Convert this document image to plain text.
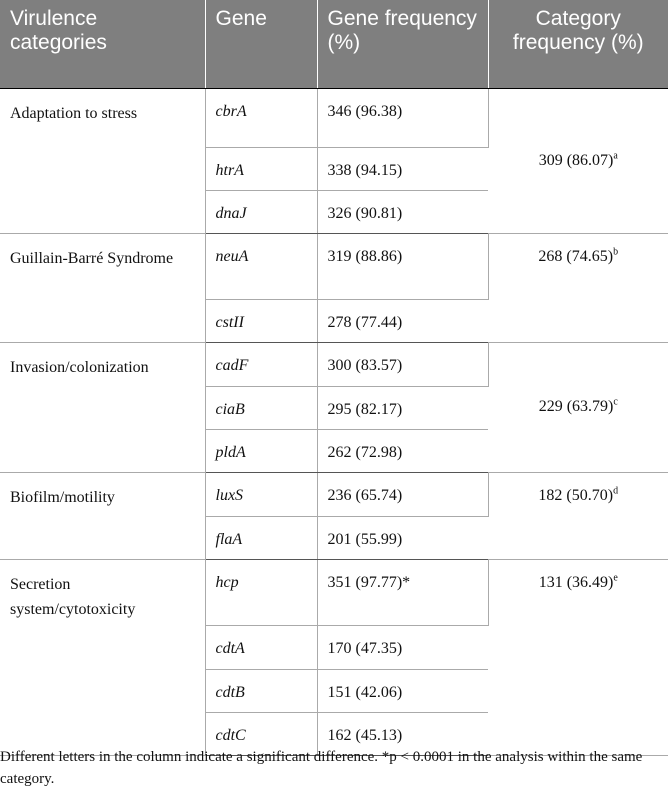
Virulence categories	Gene	Gene frequency (%)	Category frequency (%)
Adaptation to stress	cbrA	346 (96.38)	309 $(86.07)^a$
	htrA	338 (94.15)	
	dnaJ	326 (90.81)	
Guillain-Barré Syndrome	neuA	319 (88.86)	268 $(74.65)^b$
	cstII	278 (77.44)	
Invasion/colonization	cadF	300 (83.57)	229 $(63.79)^c$
	ciaB	295 (82.17)	
	pldA	262 (72.98)	
Biofilm/motility	luxS	236 (65.74)	182 $(50.70)^d$
	flaA	201 (55.99)	
Secretion system/cytotoxicity	hcp	351 (97.77)*	131 $(36.49)^e$
	cdtA	170 (47.35)	
	cdtB	151 (42.06)	
	cdtC	162 (45.13)	
Different letters in the column indicate a significant difference. *p < 0.0001 in the analysis within the same category.
